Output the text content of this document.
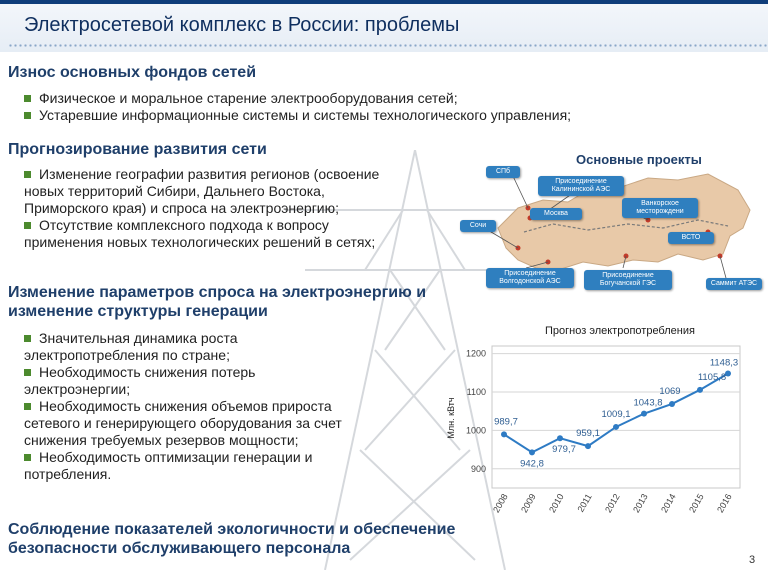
Электросетевой комплекс в России: проблемы
Износ основных фондов сетей
Физическое и моральное старение электрооборудования сетей;
Устаревшие информационные системы и системы технологического управления;
Прогнозирование развития сети
Изменение географии развития регионов (освоение
новых территорий Сибири, Дальнего Востока,
Приморского края) и спроса на электроэнергию;
Отсутствие комплексного подхода к вопросу
применения новых технологических решений в сетях;
Изменение параметров спроса на электроэнергию и
изменение структуры генерации
Значительная динамика роста
электропотребления по стране;
Необходимость снижения потерь
электроэнергии;
Необходимость снижения объемов прироста
сетевого и генерирующего оборудования за счет
снижения требуемых резервов мощности;
Необходимость оптимизации генерации и
потребления.
Соблюдение показателей экологичности и обеспечение
безопасности обслуживающего персонала
Основные проекты
СПб
Присоединение Калининской АЭС
Москва
Ванкорское месторождени
Сочи
ВСТО
Присоединение Волгодонской АЭС
Присоединение Богучанской ГЭС	Саммит АТЭС
Прогноз электропотребления
Млн. кВтч	989,7
942,8
979,7
959,1
1009,1
1043,8
1069
1105,8
1148,3
900
1000
1100
1200
2008 2009 2010 2011 2012 2013 2014 2015 2016
3
